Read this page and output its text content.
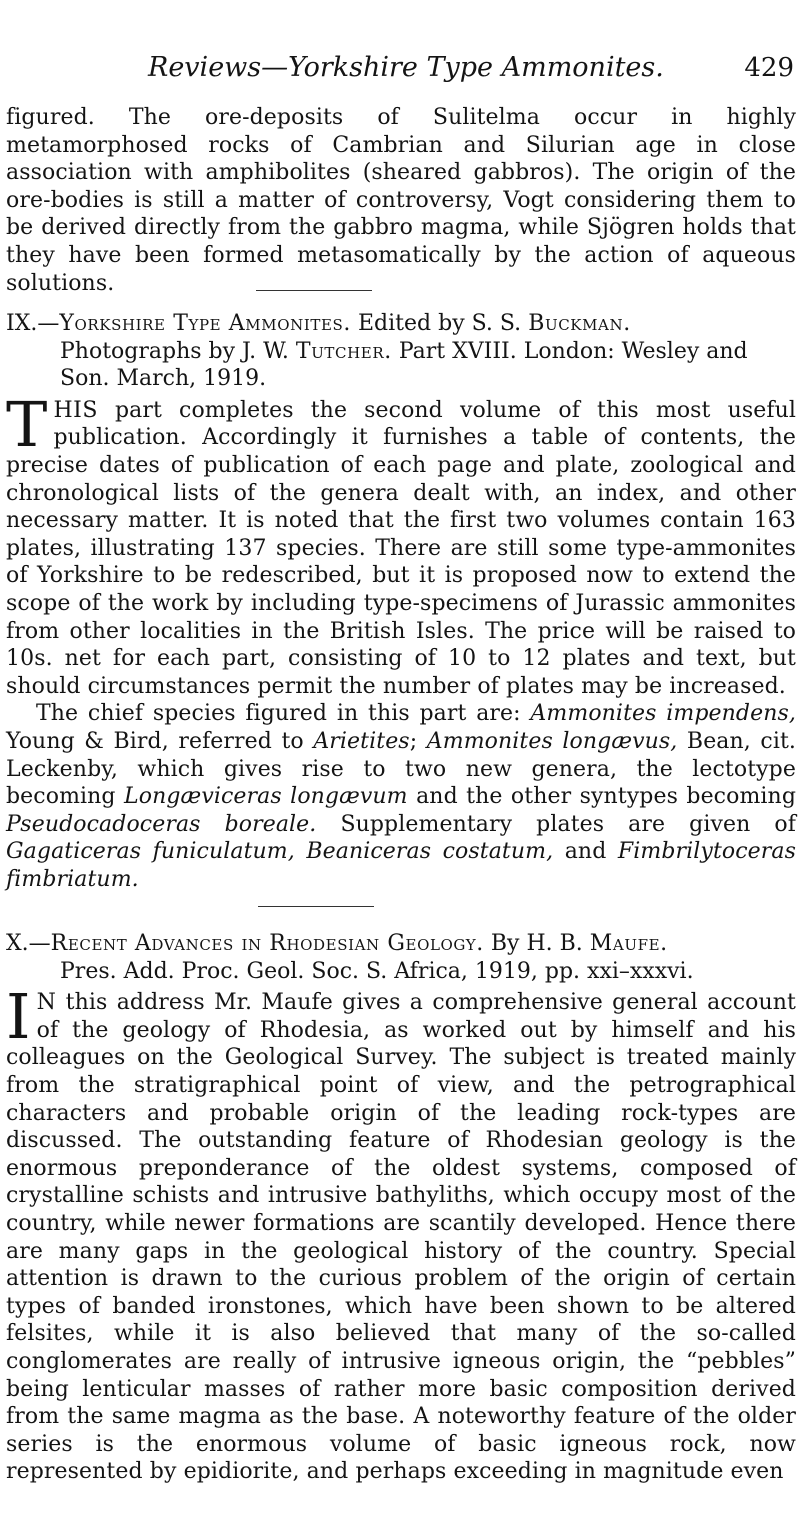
Reviews—Yorkshire Type Ammonites.	429

figured. The ore-deposits of Sulitelma occur in highly metamorphosed rocks of Cambrian and Silurian age in close association with amphibolites (sheared gabbros). The origin of the ore-bodies is still a matter of controversy, Vogt considering them to be derived directly from the gabbro magma, while Sjögren holds that they have been formed metasomatically by the action of aqueous solutions.

IX.—Yorkshire Type Ammonites. Edited by S. S. Buckman.
Photographs by J. W. Tutcher. Part XVIII. London: Wesley and Son. March, 1919.

THIS part completes the second volume of this most useful publication. Accordingly it furnishes a table of contents, the precise dates of publication of each page and plate, zoological and chronological lists of the genera dealt with, an index, and other necessary matter. It is noted that the first two volumes contain 163 plates, illustrating 137 species. There are still some type-ammonites of Yorkshire to be redescribed, but it is proposed now to extend the scope of the work by including type-specimens of Jurassic ammonites from other localities in the British Isles. The price will be raised to 10s. net for each part, consisting of 10 to 12 plates and text, but should circumstances permit the number of plates may be increased.

The chief species figured in this part are: Ammonites impendens, Young & Bird, referred to Arietites; Ammonites longævus, Bean, cit. Leckenby, which gives rise to two new genera, the lectotype becoming Longæviceras longævum and the other syntypes becoming Pseudocadoceras boreale. Supplementary plates are given of Gagaticeras funiculatum, Beaniceras costatum, and Fimbrilytoceras fimbriatum.

X.—Recent Advances in Rhodesian Geology. By H. B. Maufe.
Pres. Add. Proc. Geol. Soc. S. Africa, 1919, pp. xxi–xxxvi.

I N this address Mr. Maufe gives a comprehensive general account of the geology of Rhodesia, as worked out by himself and his colleagues on the Geological Survey. The subject is treated mainly from the stratigraphical point of view, and the petrographical characters and probable origin of the leading rock-types are discussed. The outstanding feature of Rhodesian geology is the enormous preponderance of the oldest systems, composed of crystalline schists and intrusive bathyliths, which occupy most of the country, while newer formations are scantily developed. Hence there are many gaps in the geological history of the country. Special attention is drawn to the curious problem of the origin of certain types of banded ironstones, which have been shown to be altered felsites, while it is also believed that many of the so-called conglomerates are really of intrusive igneous origin, the “pebbles” being lenticular masses of rather more basic composition derived from the same magma as the base. A noteworthy feature of the older series is the enormous volume of basic igneous rock, now represented by epidiorite, and perhaps exceeding in magnitude even
